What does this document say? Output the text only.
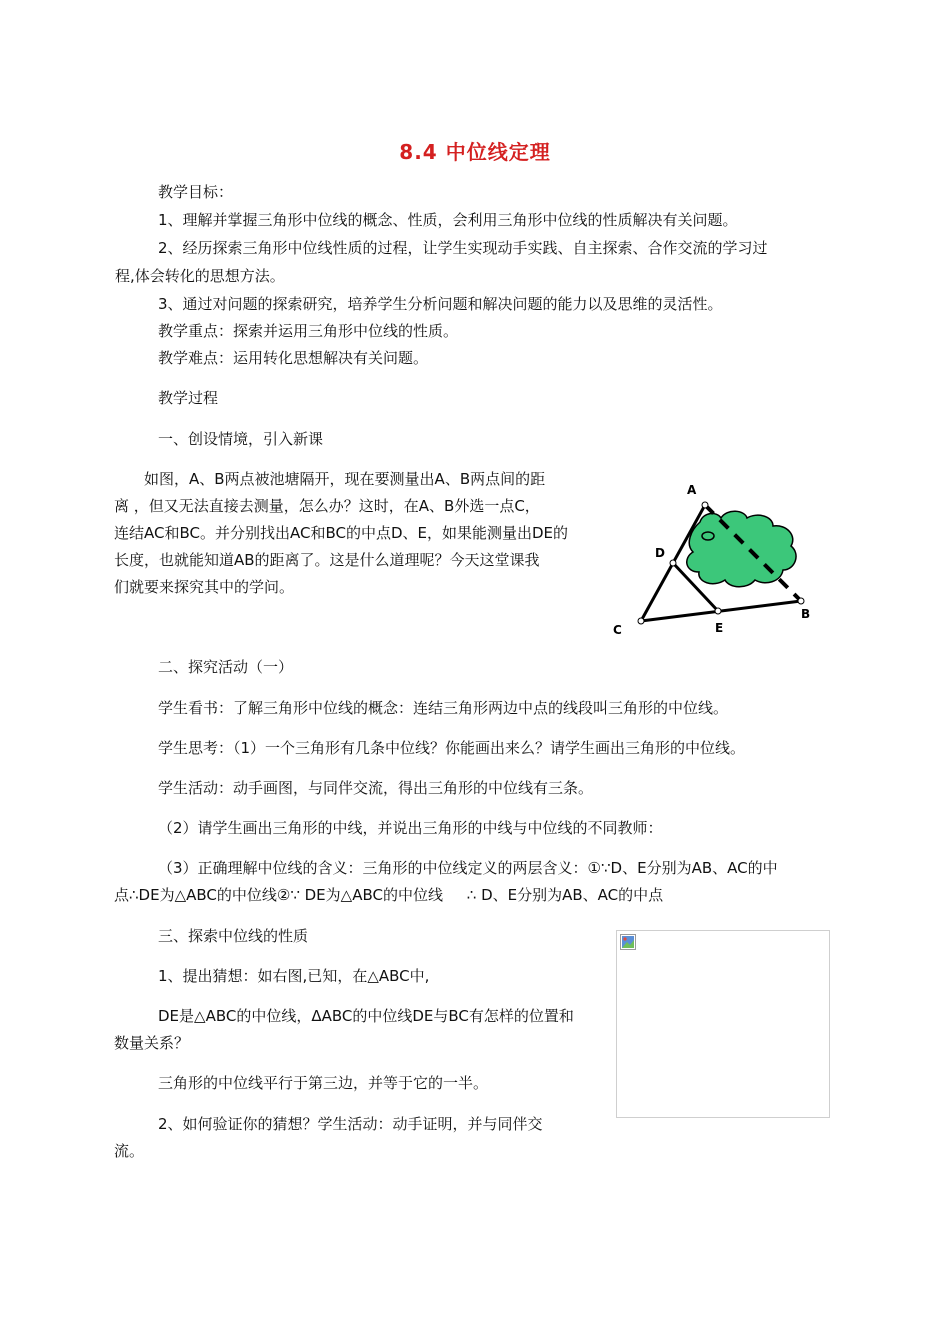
8.4 中位线定理
教学目标：
1、理解并掌握三角形中位线的概念、性质，会利用三角形中位线的性质解决有关问题。
2、经历探索三角形中位线性质的过程，让学生实现动手实践、自主探索、合作交流的学习过
程,体会转化的思想方法。
3、通过对问题的探索研究，培养学生分析问题和解决问题的能力以及思维的灵活性。
教学重点：探索并运用三角形中位线的性质。
教学难点：运用转化思想解决有关问题。
教学过程
一、创设情境，引入新课
如图，A、B两点被池塘隔开，现在要测量出A、B两点间的距
离 ，但又无法直接去测量，怎么办？这时，在A、B外选一点C，
连结AC和BC。并分别找出AC和BC的中点D、E，如果能测量出DE的
长度，也就能知道AB的距离了。这是什么道理呢？今天这堂课我
们就要来探究其中的学问。
A
D
C	E
B
二、探究活动（一）
学生看书：了解三角形中位线的概念：连结三角形两边中点的线段叫三角形的中位线。
学生思考：（1）一个三角形有几条中位线？你能画出来么？请学生画出三角形的中位线。
学生活动：动手画图，与同伴交流，得出三角形的中位线有三条。
（2）请学生画出三角形的中线，并说出三角形的中线与中位线的不同教师：
（3）正确理解中位线的含义：三角形的中位线定义的两层含义：①∵D、E分别为AB、AC的中
点∴DE为△ABC的中位线②∵ DE为△ABC的中位线     ∴ D、E分别为AB、AC的中点
三、探索中位线的性质
1、提出猜想：如右图,已知，在△ABC中,
DE是△ABC的中位线，ΔABC的中位线DE与BC有怎样的位置和
数量关系？
三角形的中位线平行于第三边，并等于它的一半。
2、如何验证你的猜想？学生活动：动手证明，并与同伴交
流。
